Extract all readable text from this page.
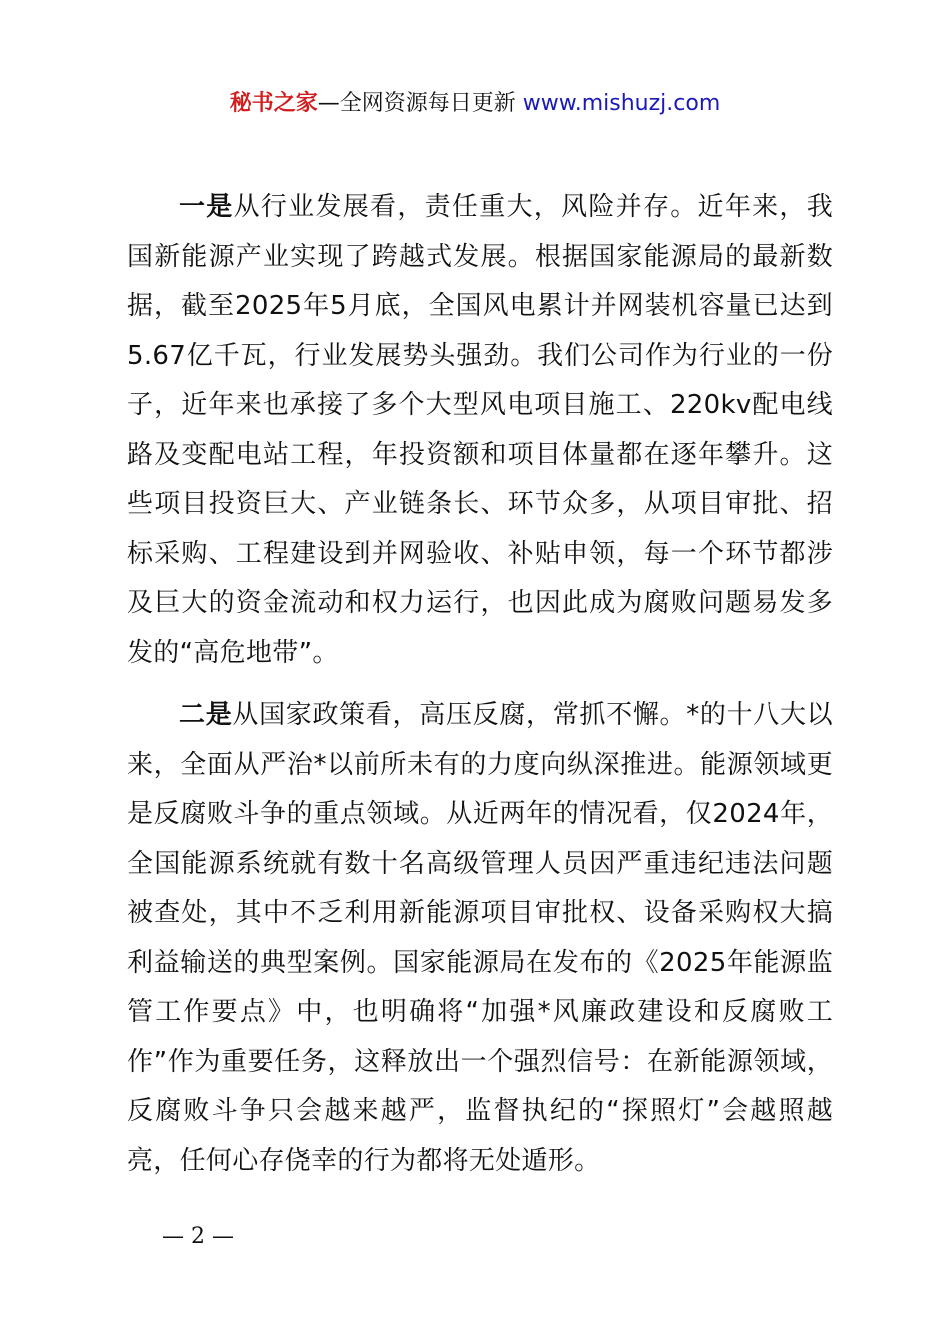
秘书之家—全网资源每日更新 www.mishuzj.com

一是从行业发展看，责任重大，风险并存。近年来，我国新能源产业实现了跨越式发展。根据国家能源局的最新数据，截至2025年5月底，全国风电累计并网装机容量已达到5.67亿千瓦，行业发展势头强劲。我们公司作为行业的一份子，近年来也承接了多个大型风电项目施工、220kv配电线路及变配电站工程，年投资额和项目体量都在逐年攀升。这些项目投资巨大、产业链条长、环节众多，从项目审批、招标采购、工程建设到并网验收、补贴申领，每一个环节都涉及巨大的资金流动和权力运行，也因此成为腐败问题易发多发的“高危地带”。

二是从国家政策看，高压反腐，常抓不懈。*的十八大以来，全面从严治*以前所未有的力度向纵深推进。能源领域更是反腐败斗争的重点领域。从近两年的情况看，仅2024年，全国能源系统就有数十名高级管理人员因严重违纪违法问题被查处，其中不乏利用新能源项目审批权、设备采购权大搞利益输送的典型案例。国家能源局在发布的《2025年能源监管工作要点》中，也明确将“加强*风廉政建设和反腐败工作”作为重要任务，这释放出一个强烈信号：在新能源领域，反腐败斗争只会越来越严，监督执纪的“探照灯”会越照越亮，任何心存侥幸的行为都将无处遁形。

— 2 —
